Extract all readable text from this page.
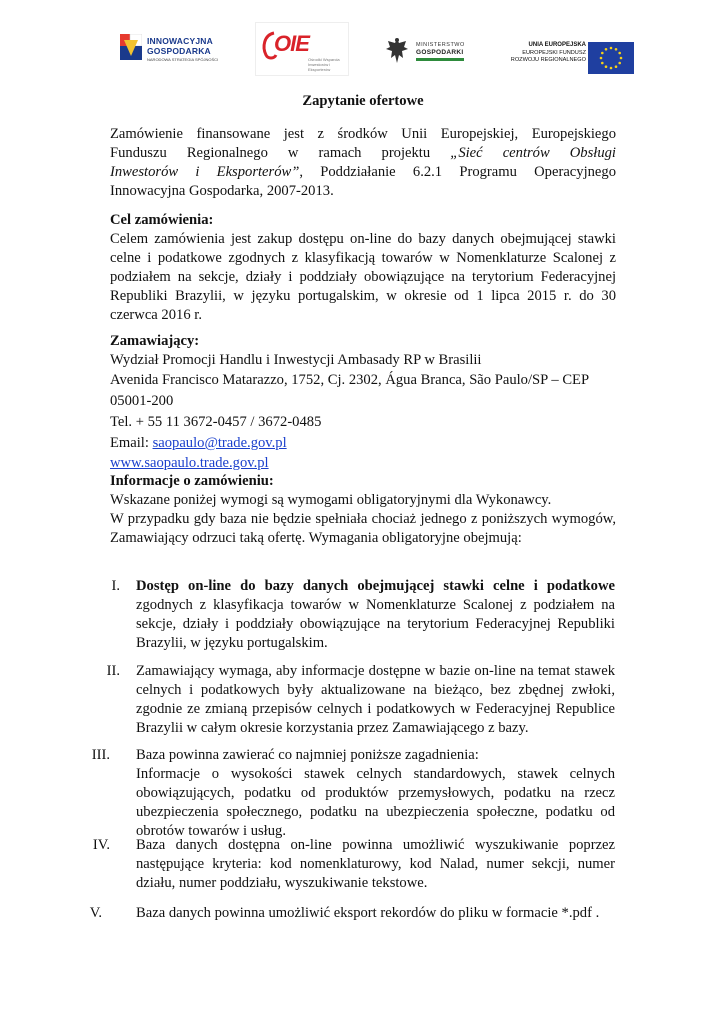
INNOWACYJNA
GOSPODARKA
NARODOWA STRATEGIA SPÓJNOŚCI
OIE
Ośrodki Wsparcia Inwestorów i Eksporterów
MINISTERSTWO
GOSPODARKI
UNIA EUROPEJSKA
EUROPEJSKI FUNDUSZ
ROZWOJU REGIONALNEGO

Zapytanie ofertowe

Zamówienie finansowane jest z środków Unii Europejskiej, Europejskiego

Funduszu Regionalnego w ramach projektu „Sieć centrów Obsługi

Inwestorów i Eksporterów”, Poddziałanie 6.2.1 Programu Operacyjnego

Innowacyjna Gospodarka, 2007-2013.

Cel zamówienia:

Celem zamówienia jest zakup dostępu on-line do bazy danych obejmującej stawki celne i podatkowe zgodnych z klasyfikacją towarów w Nomenklaturze Scalonej z podziałem na sekcje, działy i poddziały obowiązujące na terytorium Federacyjnej Republiki Brazylii, w języku portugalskim, w okresie od 1 lipca 2015 r. do 30 czerwca 2016 r.

Zamawiający:

Wydział Promocji Handlu i Inwestycji Ambasady RP w Brasilii

Avenida Francisco Matarazzo, 1752, Cj. 2302, Água Branca, São Paulo/SP – CEP

05001-200

Tel. + 55 11 3672-0457 / 3672-0485

Email: saopaulo@trade.gov.pl

www.saopaulo.trade.gov.pl

Informacje o zamówieniu:

Wskazane poniżej wymogi są wymogami obligatoryjnymi dla Wykonawcy.

W przypadku gdy baza nie będzie spełniała chociaż jednego z poniższych wymogów, Zamawiający odrzuci taką ofertę. Wymagania obligatoryjne obejmują:

I. Dostęp on-line do bazy danych obejmującej stawki celne i podatkowe zgodnych z klasyfikacja towarów w Nomenklaturze Scalonej z podziałem na sekcje, działy i poddziały obowiązujące na terytorium Federacyjnej Republiki Brazylii, w języku portugalskim.

II. Zamawiający wymaga, aby informacje dostępne w bazie on-line na temat stawek celnych i podatkowych były aktualizowane na bieżąco, bez zbędnej zwłoki, zgodnie ze zmianą przepisów celnych i podatkowych w Federacyjnej Republice Brazylii w całym okresie korzystania przez Zamawiającego z bazy.

III. Baza powinna zawierać co najmniej poniższe zagadnienia:
Informacje o wysokości stawek celnych standardowych, stawek celnych obowiązujących, podatku od produktów przemysłowych, podatku na rzecz ubezpieczenia społecznego, podatku na ubezpieczenia społeczne, podatku od obrotów towarów i usług.

IV. Baza danych dostępna on-line powinna umożliwić wyszukiwanie poprzez następujące kryteria: kod nomenklaturowy, kod Nalad, numer sekcji, numer działu, numer poddziału, wyszukiwanie tekstowe.

V. Baza danych powinna umożliwić eksport rekordów do pliku w formacie *.pdf .
